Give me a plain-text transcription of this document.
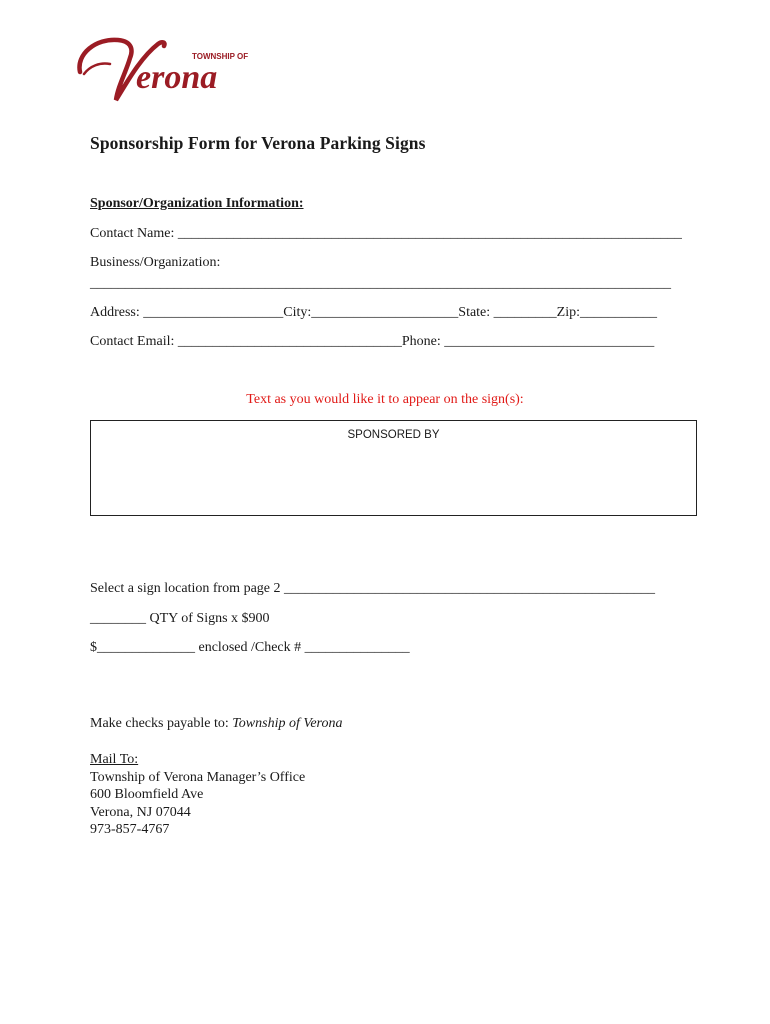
TOWNSHIP OF
erona
Sponsorship Form for Verona Parking Signs
Sponsor/Organization Information:
Contact Name: ________________________________________________________________________
Business/Organization:
___________________________________________________________________________________
Address: ____________________City:_____________________State: _________Zip:___________
Contact Email: ________________________________Phone: ______________________________
Text as you would like it to appear on the sign(s):
SPONSORED BY
Select a sign location from page 2 _____________________________________________________
________ QTY of Signs x $900
$______________ enclosed /Check # _______________
Make checks payable to: Township of Verona
Mail To:
Township of Verona Manager’s Office
600 Bloomfield Ave
Verona, NJ 07044
973-857-4767
